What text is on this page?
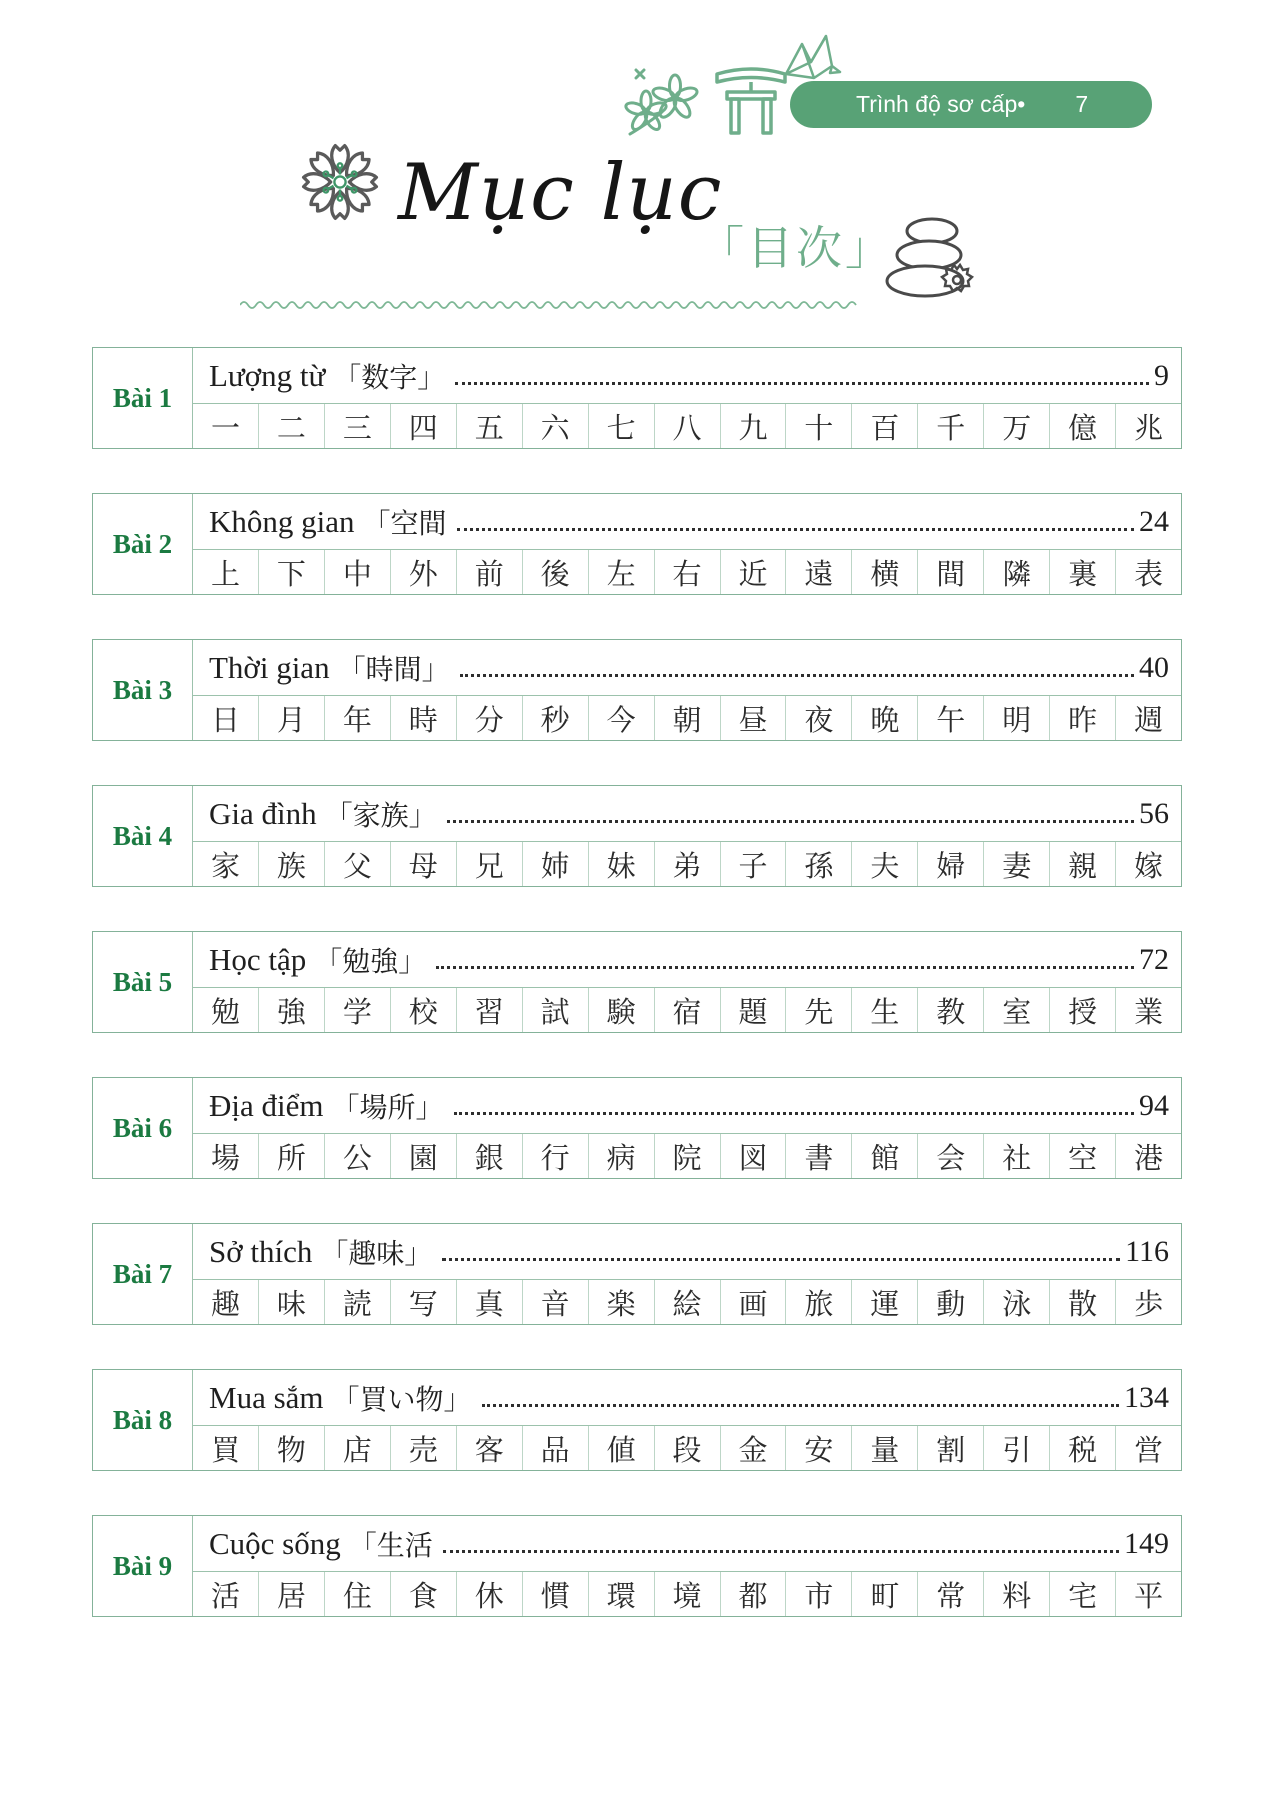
Trình độ sơ cấp• 7
Mục lục
「目次」
Bài 1
Lượng từ 「数字」	9
一	二	三	四	五	六	七	八	九	十	百	千	万	億	兆
Bài 2
Không gian 「空間	24
上	下	中	外	前	後	左	右	近	遠	横	間	隣	裏	表
Bài 3
Thời gian 「時間」	40
日	月	年	時	分	秒	今	朝	昼	夜	晩	午	明	昨	週
Bài 4
Gia đình 「家族」	56
家	族	父	母	兄	姉	妹	弟	子	孫	夫	婦	妻	親	嫁
Bài 5
Học tập 「勉強」	72
勉	強	学	校	習	試	験	宿	題	先	生	教	室	授	業
Bài 6
Địa điểm 「場所」	94
場	所	公	園	銀	行	病	院	図	書	館	会	社	空	港
Bài 7
Sở thích 「趣味」	116
趣	味	読	写	真	音	楽	絵	画	旅	運	動	泳	散	歩
Bài 8
Mua sắm 「買い物」	134
買	物	店	売	客	品	値	段	金	安	量	割	引	税	営
Bài 9
Cuộc sống 「生活	149
活	居	住	食	休	慣	環	境	都	市	町	常	料	宅	平
